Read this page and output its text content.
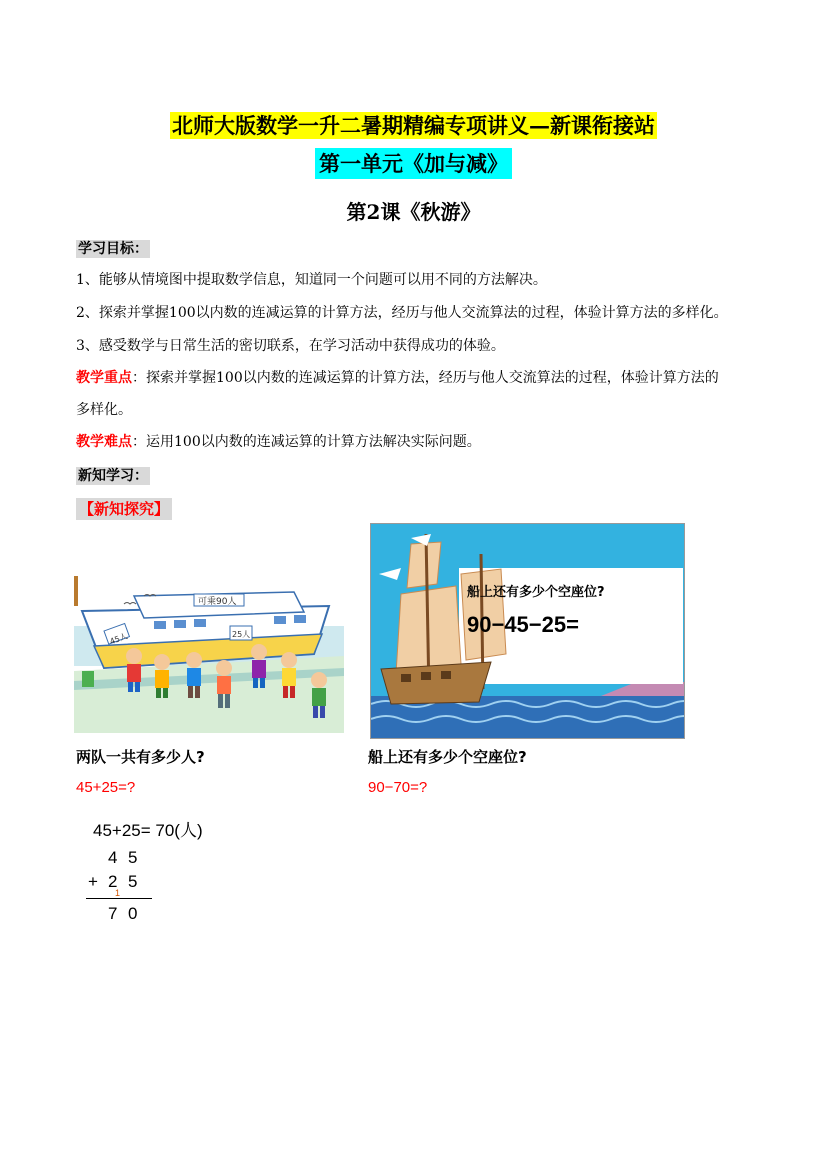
北师大版数学一升二暑期精编专项讲义—新课衔接站
第一单元《加与减》
第2课《秋游》
学习目标：
1、能够从情境图中提取数学信息，知道同一个问题可以用不同的方法解决。
2、探索并掌握100以内数的连减运算的计算方法，经历与他人交流算法的过程，体验计算方法的多样化。
3、感受数学与日常生活的密切联系，在学习活动中获得成功的体验。
教学重点：探索并掌握100以内数的连减运算的计算方法，经历与他人交流算法的过程，体验计算方法的
多样化。
教学难点：运用100以内数的连减运算的计算方法解决实际问题。
新知学习：
【新知探究】
可乘90人
45人	25人
船上还有多少个空座位?
90−45−25=
两队一共有多少人?
45+25=?
船上还有多少个空座位?
90−70=?
45+25= 70(人)
4 5
+ 2 5
1
7 0
